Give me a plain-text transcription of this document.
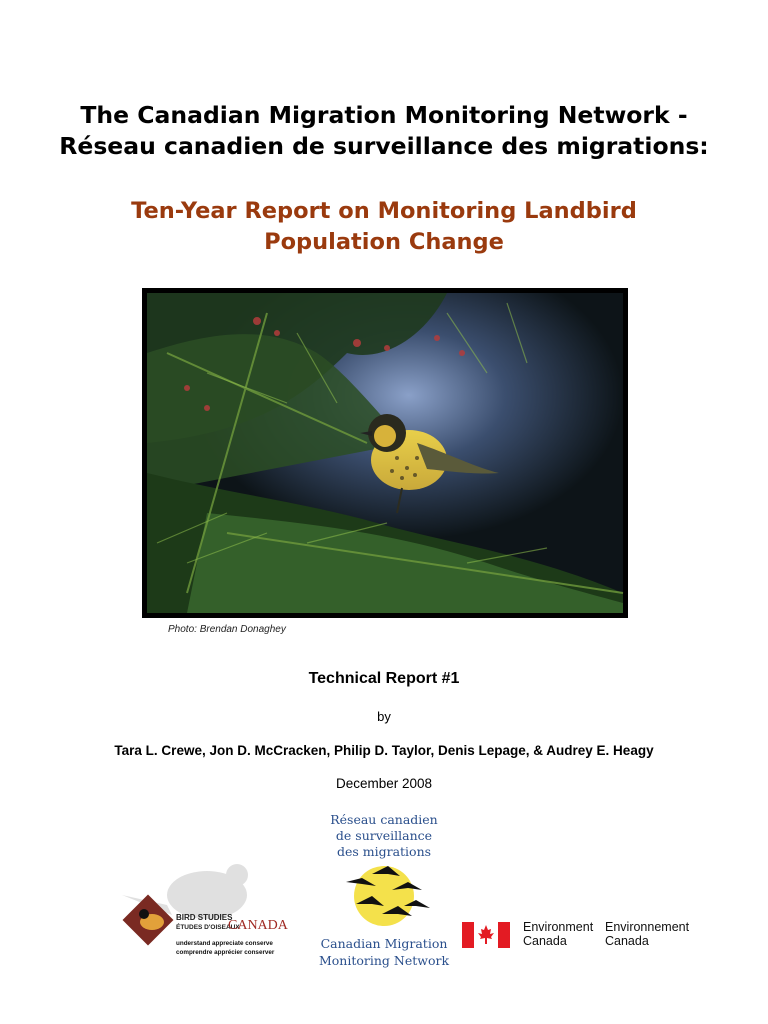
The Canadian Migration Monitoring Network -
Réseau canadien de surveillance des migrations:
Ten-Year Report on Monitoring Landbird
Population Change
Photo: Brendan Donaghey
Technical Report #1
by
Tara L. Crewe, Jon D. McCracken, Philip D. Taylor, Denis Lepage, & Audrey E. Heagy
December 2008
BIRD STUDIES
ÉTUDES D'OISEAUX
CANADA
understand appreciate conserve
comprendre apprécier conserver
Réseau canadien
de surveillance
des migrations
Canadian Migration
Monitoring Network
Environment
Canada
Environnement
Canada
